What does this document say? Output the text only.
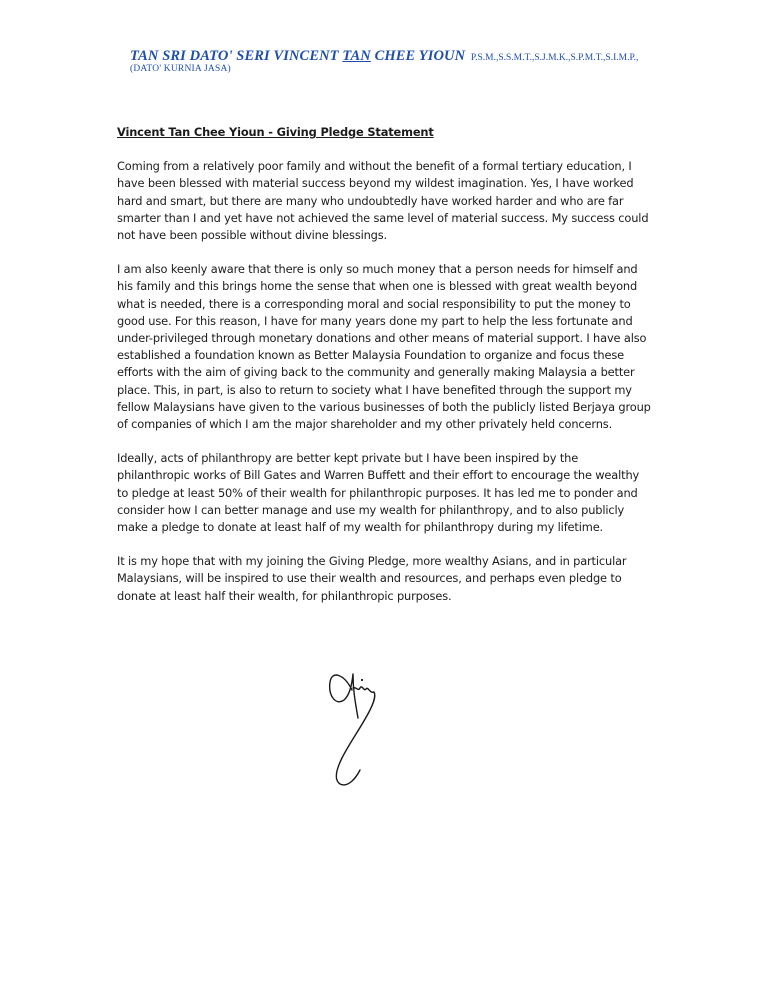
TAN SRI DATO' SERI VINCENT TAN CHEE YIOUN P.S.M.,S.S.M.T.,S.J.M.K.,S.P.M.T.,S.I.M.P.,
(DATO' KURNIA JASA)
Vincent Tan Chee Yioun - Giving Pledge Statement
Coming from a relatively poor family and without the benefit of a formal tertiary education, I
have been blessed with material success beyond my wildest imagination. Yes, I have worked
hard and smart, but there are many who undoubtedly have worked harder and who are far
smarter than I and yet have not achieved the same level of material success. My success could
not have been possible without divine blessings.
I am also keenly aware that there is only so much money that a person needs for himself and
his family and this brings home the sense that when one is blessed with great wealth beyond
what is needed, there is a corresponding moral and social responsibility to put the money to
good use. For this reason, I have for many years done my part to help the less fortunate and
under-privileged through monetary donations and other means of material support. I have also
established a foundation known as Better Malaysia Foundation to organize and focus these
efforts with the aim of giving back to the community and generally making Malaysia a better
place. This, in part, is also to return to society what I have benefited through the support my
fellow Malaysians have given to the various businesses of both the publicly listed Berjaya group
of companies of which I am the major shareholder and my other privately held concerns.
Ideally, acts of philanthropy are better kept private but I have been inspired by the
philanthropic works of Bill Gates and Warren Buffett and their effort to encourage the wealthy
to pledge at least 50% of their wealth for philanthropic purposes. It has led me to ponder and
consider how I can better manage and use my wealth for philanthropy, and to also publicly
make a pledge to donate at least half of my wealth for philanthropy during my lifetime.
It is my hope that with my joining the Giving Pledge, more wealthy Asians, and in particular
Malaysians, will be inspired to use their wealth and resources, and perhaps even pledge to
donate at least half their wealth, for philanthropic purposes.
